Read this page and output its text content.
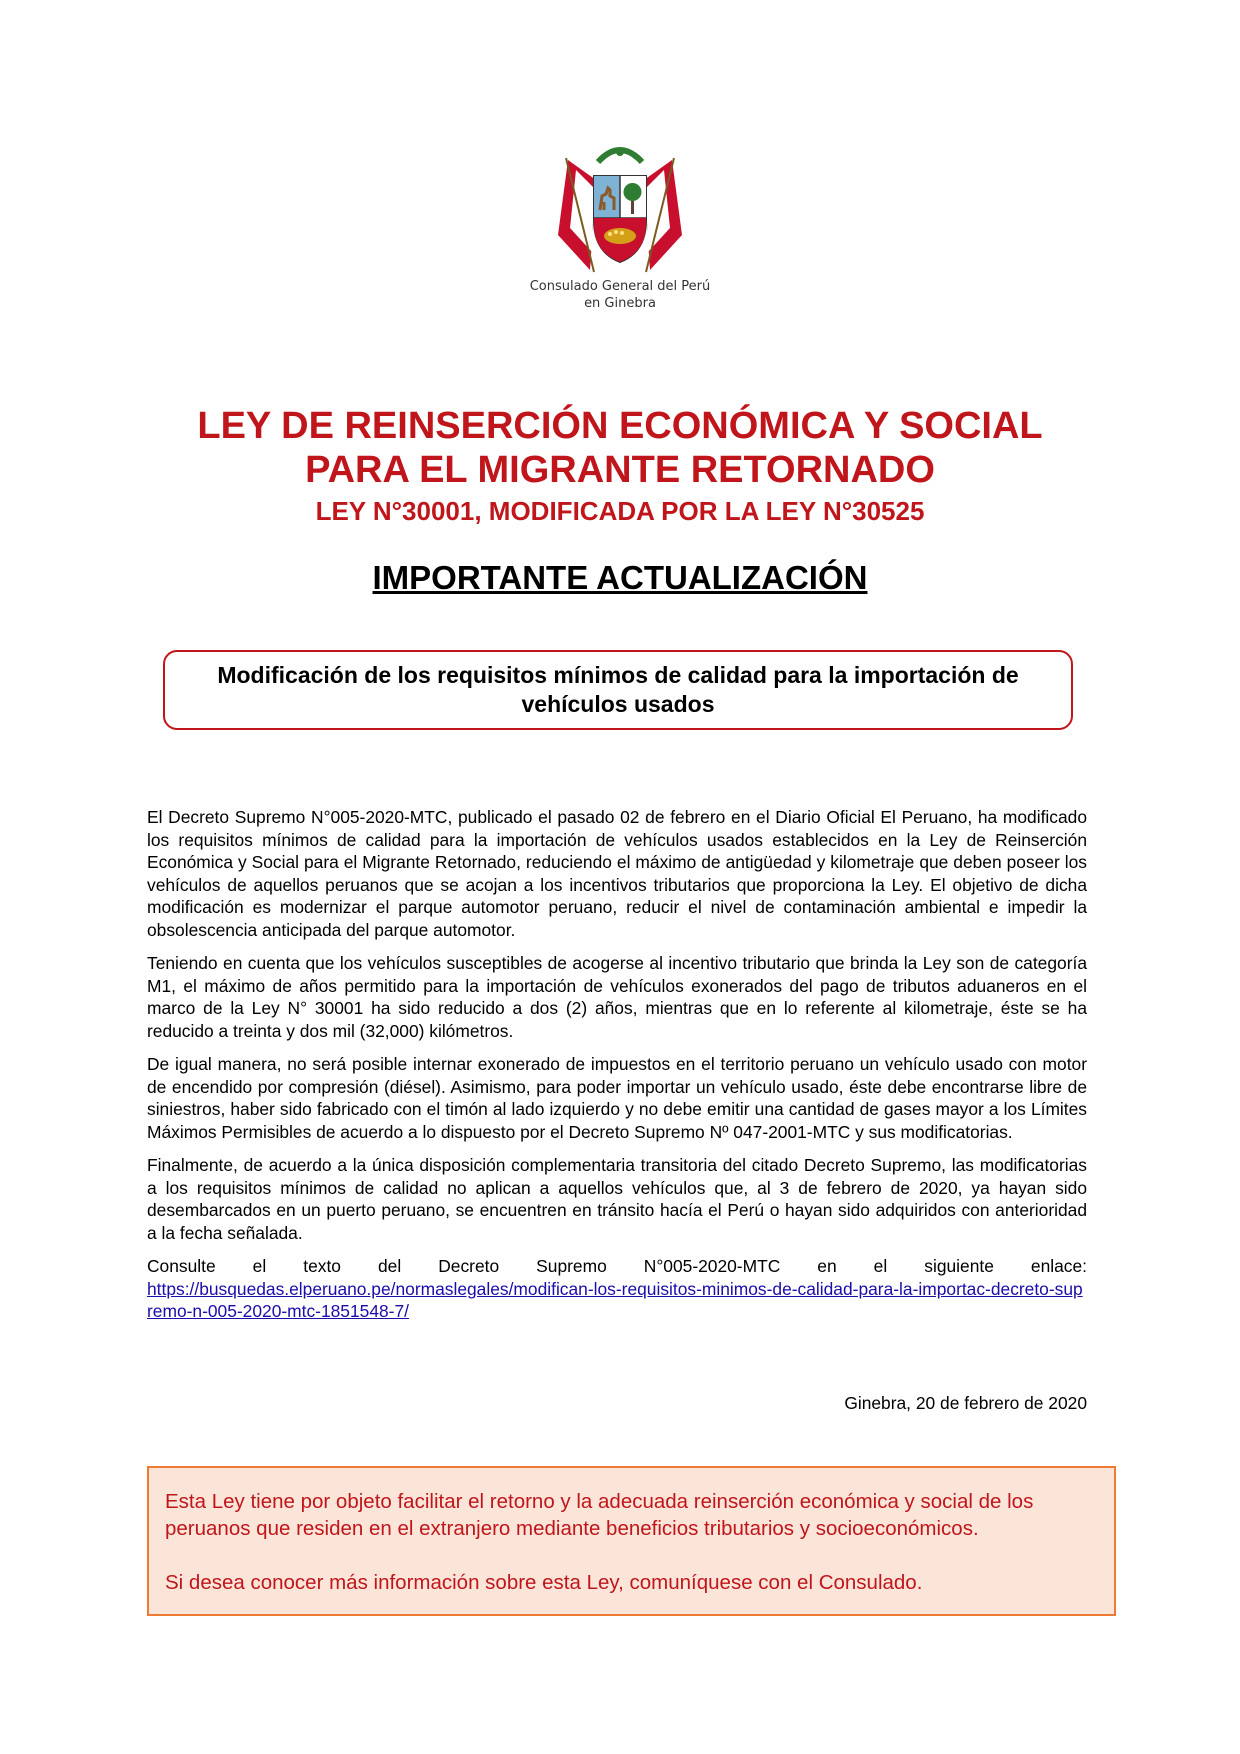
Consulado General del Perú
en Ginebra
LEY DE REINSERCIÓN ECONÓMICA Y SOCIAL
PARA EL MIGRANTE RETORNADO
LEY N°30001, MODIFICADA POR LA LEY N°30525
IMPORTANTE ACTUALIZACIÓN
Modificación de los requisitos mínimos de calidad para la importación de vehículos usados

El Decreto Supremo N°005-2020-MTC, publicado el pasado 02 de febrero en el Diario Oficial El Peruano, ha modificado los requisitos mínimos de calidad para la importación de vehículos usados establecidos en la Ley de Reinserción Económica y Social para el Migrante Retornado, reduciendo el máximo de antigüedad y kilometraje que deben poseer los vehículos de aquellos peruanos que se acojan a los incentivos tributarios que proporciona la Ley. El objetivo de dicha modificación es modernizar el parque automotor peruano, reducir el nivel de contaminación ambiental e impedir la obsolescencia anticipada del parque automotor.

Teniendo en cuenta que los vehículos susceptibles de acogerse al incentivo tributario que brinda la Ley son de categoría M1, el máximo de años permitido para la importación de vehículos exonerados del pago de tributos aduaneros en el marco de la Ley N° 30001 ha sido reducido a dos (2) años, mientras que en lo referente al kilometraje, éste se ha reducido a treinta y dos mil (32,000) kilómetros.

De igual manera, no será posible internar exonerado de impuestos en el territorio peruano un vehículo usado con motor de encendido por compresión (diésel). Asimismo, para poder importar un vehículo usado, éste debe encontrarse libre de siniestros, haber sido fabricado con el timón al lado izquierdo y no debe emitir una cantidad de gases mayor a los Límites Máximos Permisibles de acuerdo a lo dispuesto por el Decreto Supremo Nº 047-2001-MTC y sus modificatorias.

Finalmente, de acuerdo a la única disposición complementaria transitoria del citado Decreto Supremo, las modificatorias a los requisitos mínimos de calidad no aplican a aquellos vehículos que, al 3 de febrero de 2020, ya hayan sido desembarcados en un puerto peruano, se encuentren en tránsito hacía el Perú o hayan sido adquiridos con anterioridad a la fecha señalada.

Consulte el texto del Decreto Supremo N°005-2020-MTC en el siguiente enlace:
https://busquedas.elperuano.pe/normaslegales/modifican-los-requisitos-minimos-de-calidad-para-la-importac-decreto-supremo-n-005-2020-mtc-1851548-7/

Ginebra, 20 de febrero de 2020

Esta Ley tiene por objeto facilitar el retorno y la adecuada reinserción económica y social de los peruanos que residen en el extranjero mediante beneficios tributarios y socioeconómicos.

Si desea conocer más información sobre esta Ley, comuníquese con el Consulado.
